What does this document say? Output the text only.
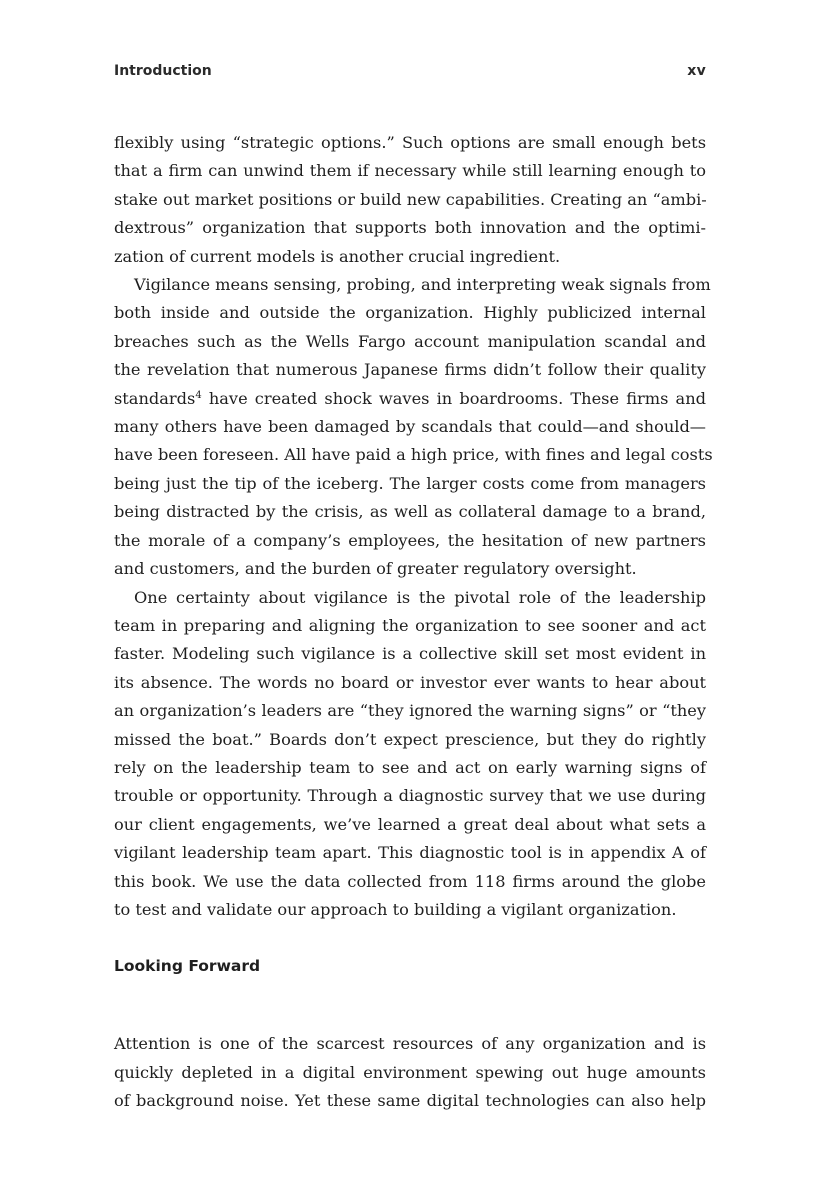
Introduction	xv

flexibly using “strategic options.” Such options are small enough bets
that a firm can unwind them if necessary while still learning enough to
stake out market positions or build new capabilities. Creating an “ambi-
dextrous” organization that supports both innovation and the optimi-
zation of current models is another crucial ingredient.

Vigilance means sensing, probing, and interpreting weak signals from
both inside and outside the organization. Highly publicized internal
breaches such as the Wells Fargo account manipulation scandal and
the revelation that numerous Japanese firms didn’t follow their quality
standards$^4$ have created shock waves in boardrooms. These firms and
many others have been damaged by scandals that could—and should—
have been foreseen. All have paid a high price, with fines and legal costs
being just the tip of the iceberg. The larger costs come from managers
being distracted by the crisis, as well as collateral damage to a brand,
the morale of a company’s employees, the hesitation of new partners
and customers, and the burden of greater regulatory oversight.

One certainty about vigilance is the pivotal role of the leadership
team in preparing and aligning the organization to see sooner and act
faster. Modeling such vigilance is a collective skill set most evident in
its absence. The words no board or investor ever wants to hear about
an organization’s leaders are “they ignored the warning signs” or “they
missed the boat.” Boards don’t expect prescience, but they do rightly
rely on the leadership team to see and act on early warning signs of
trouble or opportunity. Through a diagnostic survey that we use during
our client engagements, we’ve learned a great deal about what sets a
vigilant leadership team apart. This diagnostic tool is in appendix A of
this book. We use the data collected from 118 firms around the globe
to test and validate our approach to building a vigilant organization.

Looking Forward

Attention is one of the scarcest resources of any organization and is
quickly depleted in a digital environment spewing out huge amounts
of background noise. Yet these same digital technologies can also help
